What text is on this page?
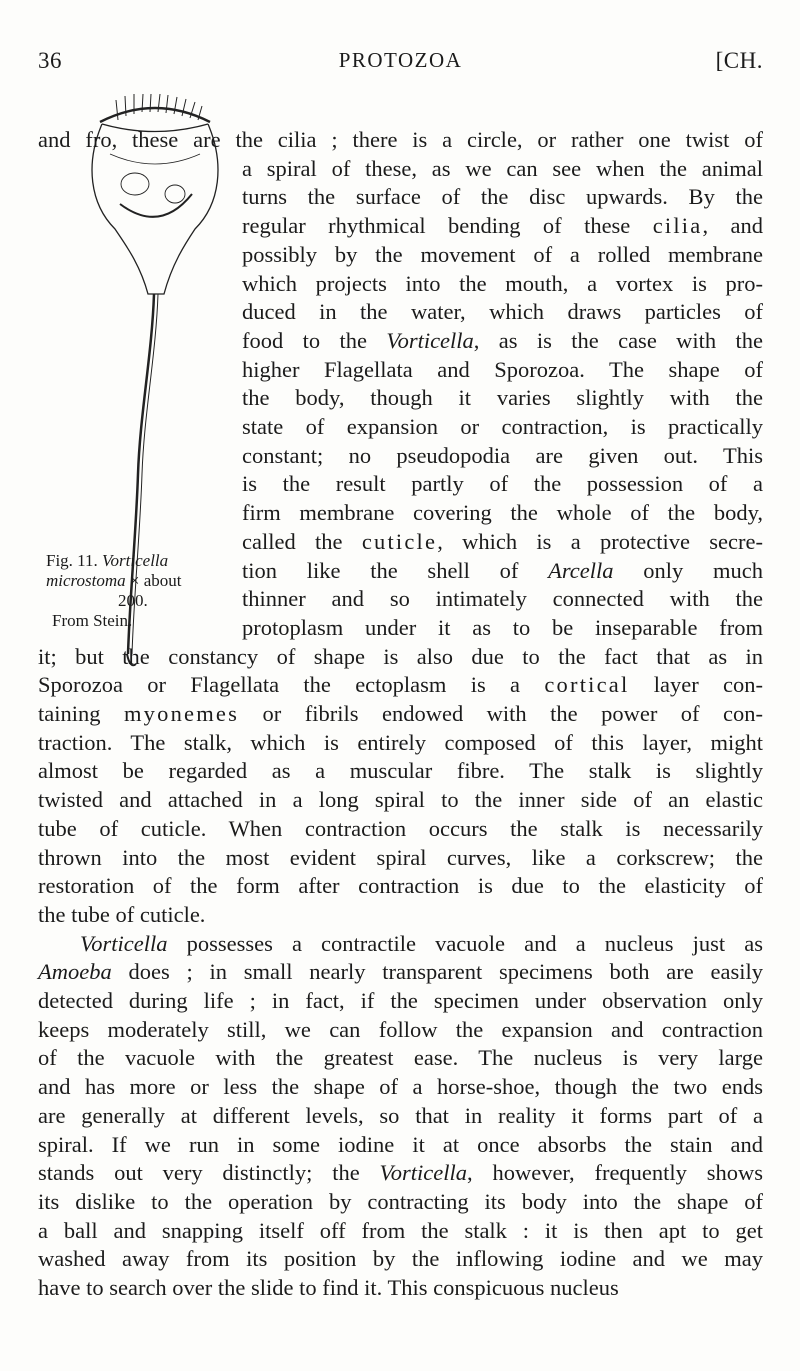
36	PROTOZOA	[CH.
Fig. 11. Vorticella
microstoma × about
200.
From Stein.
and fro, these are the cilia ; there is a circle, or rather one twist of
a spiral of these, as we can see when the animal
turns the surface of the disc upwards. By the
regular rhythmical bending of these cilia, and
possibly by the movement of a rolled membrane
which projects into the mouth, a vortex is pro-
duced in the water, which draws particles of
food to the Vorticella, as is the case with the
higher Flagellata and Sporozoa. The shape of
the body, though it varies slightly with the
state of expansion or contraction, is practically
constant; no pseudopodia are given out. This
is the result partly of the possession of a
firm membrane covering the whole of the body,
called the cuticle, which is a protective secre-
tion like the shell of Arcella only much
thinner and so intimately connected with the
protoplasm under it as to be inseparable from
it; but the constancy of shape is also due to the fact that as in
Sporozoa or Flagellata the ectoplasm is a cortical layer con-
taining myonemes or fibrils endowed with the power of con-
traction. The stalk, which is entirely composed of this layer, might
almost be regarded as a muscular fibre. The stalk is slightly
twisted and attached in a long spiral to the inner side of an elastic
tube of cuticle. When contraction occurs the stalk is necessarily
thrown into the most evident spiral curves, like a corkscrew; the
restoration of the form after contraction is due to the elasticity of
the tube of cuticle.
Vorticella possesses a contractile vacuole and a nucleus just as
Amoeba does ; in small nearly transparent specimens both are easily
detected during life ; in fact, if the specimen under observation only
keeps moderately still, we can follow the expansion and contraction
of the vacuole with the greatest ease. The nucleus is very large
and has more or less the shape of a horse-shoe, though the two ends
are generally at different levels, so that in reality it forms part of a
spiral. If we run in some iodine it at once absorbs the stain and
stands out very distinctly; the Vorticella, however, frequently shows
its dislike to the operation by contracting its body into the shape of
a ball and snapping itself off from the stalk : it is then apt to get
washed away from its position by the inflowing iodine and we may
have to search over the slide to find it. This conspicuous nucleus
